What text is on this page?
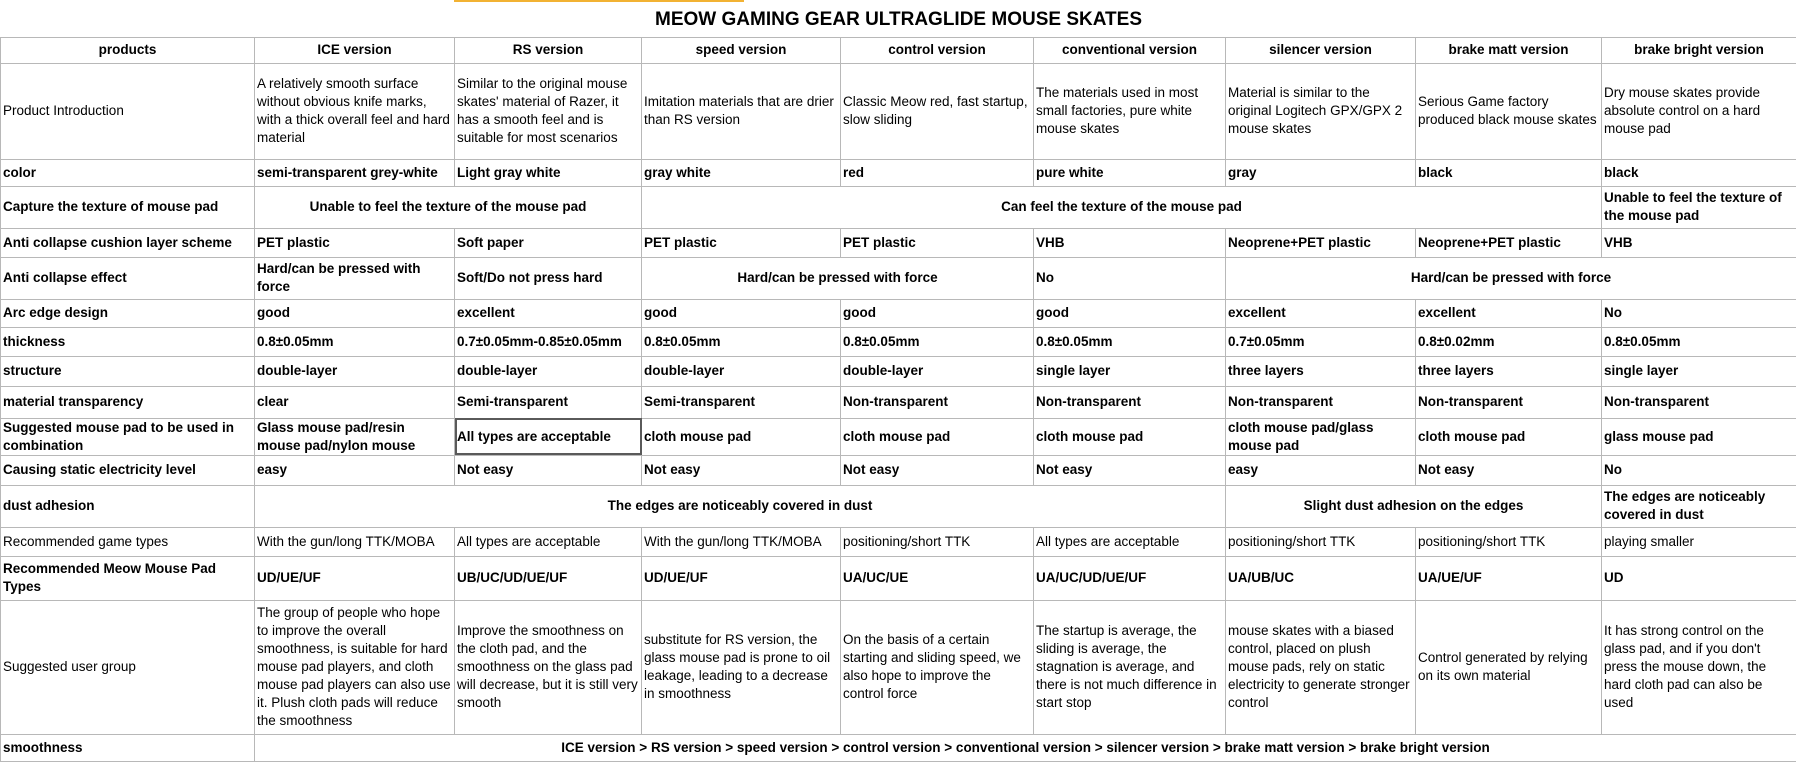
MEOW GAMING GEAR ULTRAGLIDE MOUSE SKATES								
products	ICE version	RS version	speed version	control version	conventional version	silencer version	brake matt version	brake bright version
Product Introduction	A relatively smooth surface without obvious knife marks, with a thick overall feel and hard material	Similar to the original mouse skates' material of Razer, it has a smooth feel and is suitable for most scenarios	Imitation materials that are drier than RS version	Classic Meow red, fast startup, slow sliding	The materials used in most small factories, pure white mouse skates	Material is similar to the original Logitech GPX/GPX 2 mouse skates	Serious Game factory produced black mouse skates	Dry mouse skates provide absolute control on a hard mouse pad
color	semi-transparent grey-white	Light gray white	gray white	red	pure white	gray	black	black
Capture the texture of mouse pad	Unable to feel the texture of the mouse pad		Can feel the texture of the mouse pad					Unable to feel the texture of the mouse pad
Anti collapse cushion layer scheme	PET plastic	Soft paper	PET plastic	PET plastic	VHB	Neoprene+PET plastic	Neoprene+PET plastic	VHB
Anti collapse effect	Hard/can be pressed with force	Soft/Do not press hard	Hard/can be pressed with force		No	Hard/can be pressed with force		
Arc edge design	good	excellent	good	good	good	excellent	excellent	No
thickness	0.8±0.05mm	0.7±0.05mm-0.85±0.05mm	0.8±0.05mm	0.8±0.05mm	0.8±0.05mm	0.7±0.05mm	0.8±0.02mm	0.8±0.05mm
structure	double-layer	double-layer	double-layer	double-layer	single layer	three layers	three layers	single layer
material transparency	clear	Semi-transparent	Semi-transparent	Non-transparent	Non-transparent	Non-transparent	Non-transparent	Non-transparent
Suggested mouse pad to be used in combination	Glass mouse pad/resin mouse pad/nylon mouse	All types are acceptable	cloth mouse pad	cloth mouse pad	cloth mouse pad	cloth mouse pad/glass mouse pad	cloth mouse pad	glass mouse pad
Causing static electricity level	easy	Not easy	Not easy	Not easy	Not easy	easy	Not easy	No
dust adhesion	The edges are noticeably covered in dust					Slight dust adhesion on the edges		The edges are noticeably covered in dust
Recommended game types	With the gun/long TTK/MOBA	All types are acceptable	With the gun/long TTK/MOBA	positioning/short TTK	All types are acceptable	positioning/short TTK	positioning/short TTK	playing smaller
Recommended Meow Mouse Pad Types	UD/UE/UF	UB/UC/UD/UE/UF	UD/UE/UF	UA/UC/UE	UA/UC/UD/UE/UF	UA/UB/UC	UA/UE/UF	UD
Suggested user group	The group of people who hope to improve the overall smoothness, is suitable for hard mouse pad players, and cloth mouse pad players can also use it. Plush cloth pads will reduce the smoothness	Improve the smoothness on the cloth pad, and the smoothness on the glass pad will decrease, but it is still very smooth	substitute for RS version, the glass mouse pad is prone to oil leakage, leading to a decrease in smoothness	On the basis of a certain starting and sliding speed, we also hope to improve the control force	The startup is average, the sliding is average, the stagnation is average, and there is not much difference in start stop	mouse skates with a biased control, placed on plush mouse pads, rely on static electricity to generate stronger control	Control generated by relying on its own material	It has strong control on the glass pad, and if you don't press the mouse down, the hard cloth pad can also be used
smoothness	ICE version > RS version > speed version > control version > conventional version > silencer version > brake matt version > brake bright version							
